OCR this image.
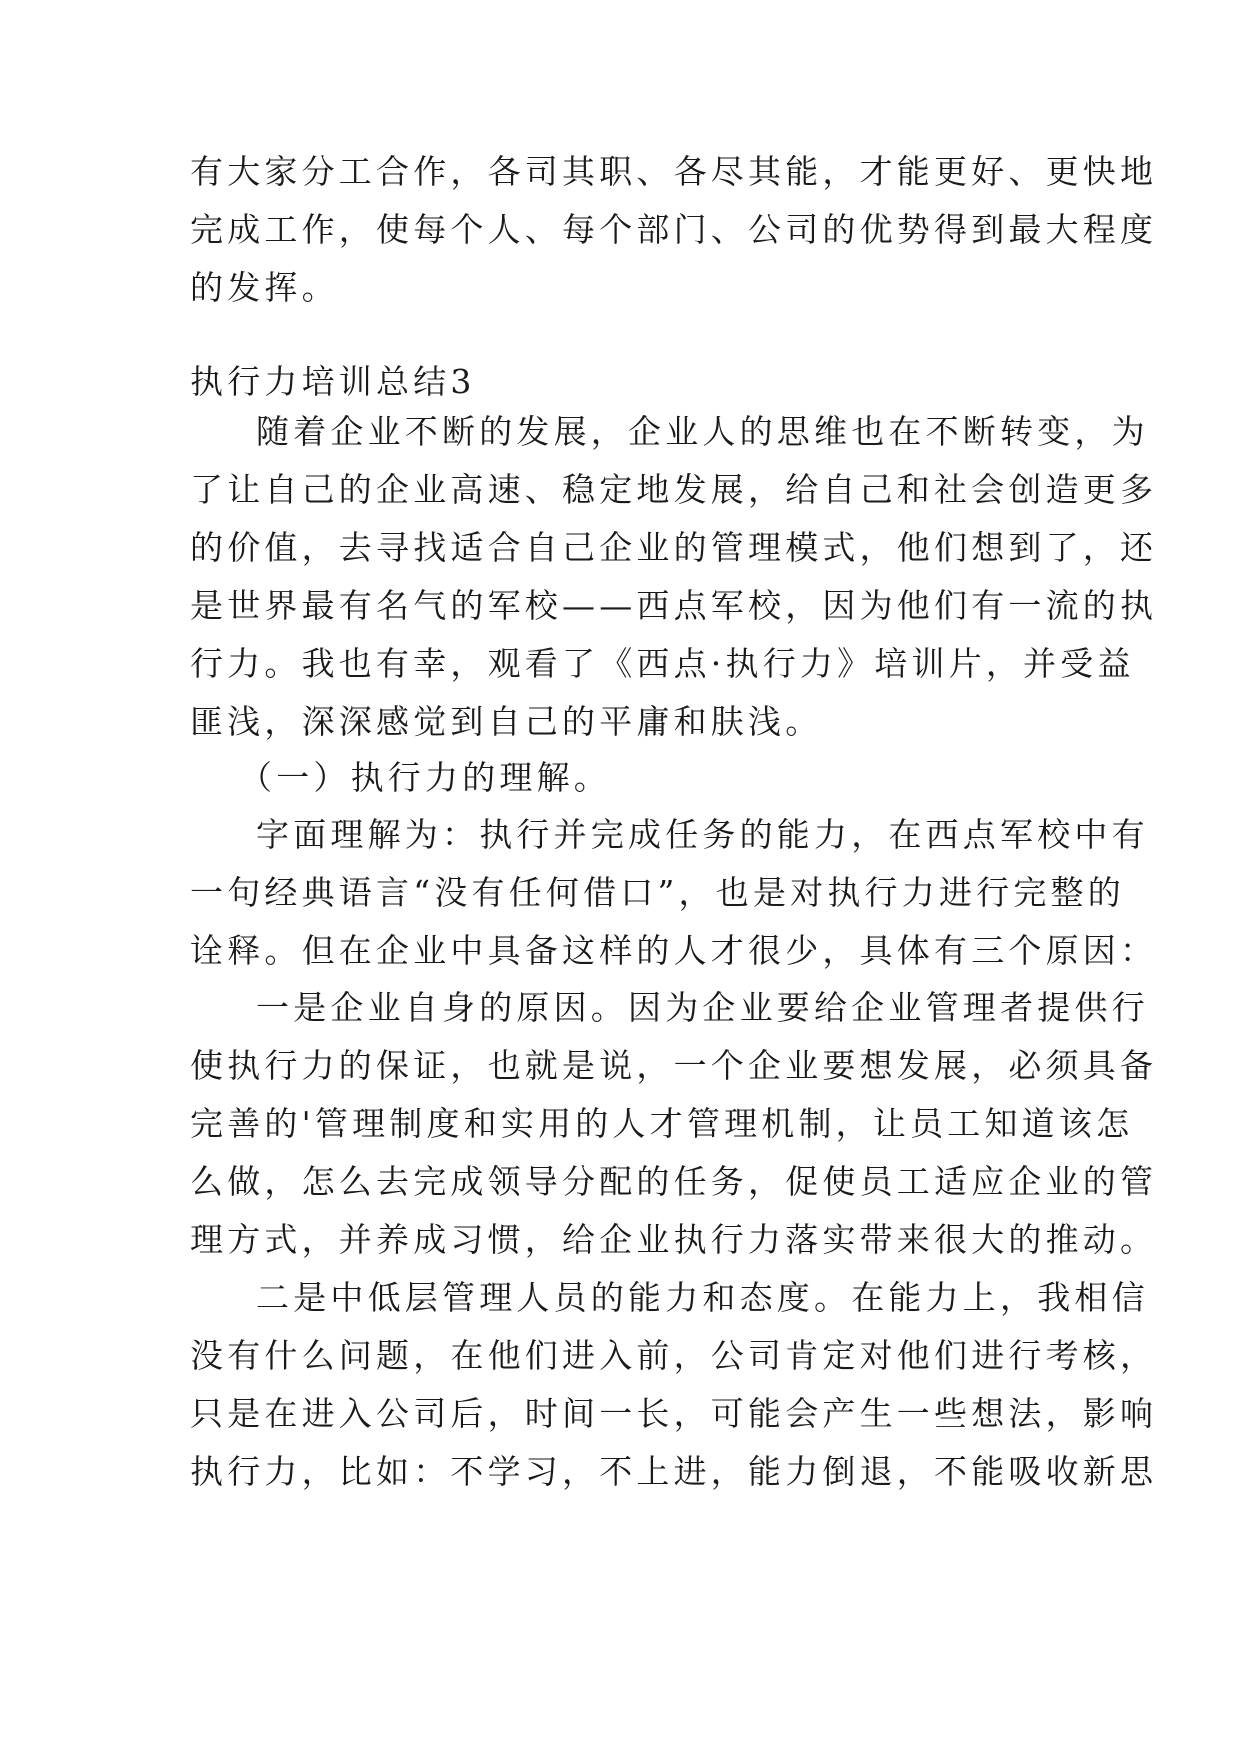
有大家分工合作，各司其职、各尽其能，才能更好、更快地
完成工作，使每个人、每个部门、公司的优势得到最大程度
的发挥。
执行力培训总结3
随着企业不断的发展，企业人的思维也在不断转变，为
了让自己的企业高速、稳定地发展，给自己和社会创造更多
的价值，去寻找适合自己企业的管理模式，他们想到了，还
是世界最有名气的军校——西点军校，因为他们有一流的执
行力。我也有幸，观看了《西点·执行力》培训片，并受益
匪浅，深深感觉到自己的平庸和肤浅。
（一）执行力的理解。
字面理解为：执行并完成任务的能力，在西点军校中有
一句经典语言“没有任何借口”，也是对执行力进行完整的
诠释。但在企业中具备这样的人才很少，具体有三个原因：
一是企业自身的原因。因为企业要给企业管理者提供行
使执行力的保证，也就是说，一个企业要想发展，必须具备
完善的'管理制度和实用的人才管理机制，让员工知道该怎
么做，怎么去完成领导分配的任务，促使员工适应企业的管
理方式，并养成习惯，给企业执行力落实带来很大的推动。
二是中低层管理人员的能力和态度。在能力上，我相信
没有什么问题，在他们进入前，公司肯定对他们进行考核，
只是在进入公司后，时间一长，可能会产生一些想法，影响
执行力，比如：不学习，不上进，能力倒退，不能吸收新思
